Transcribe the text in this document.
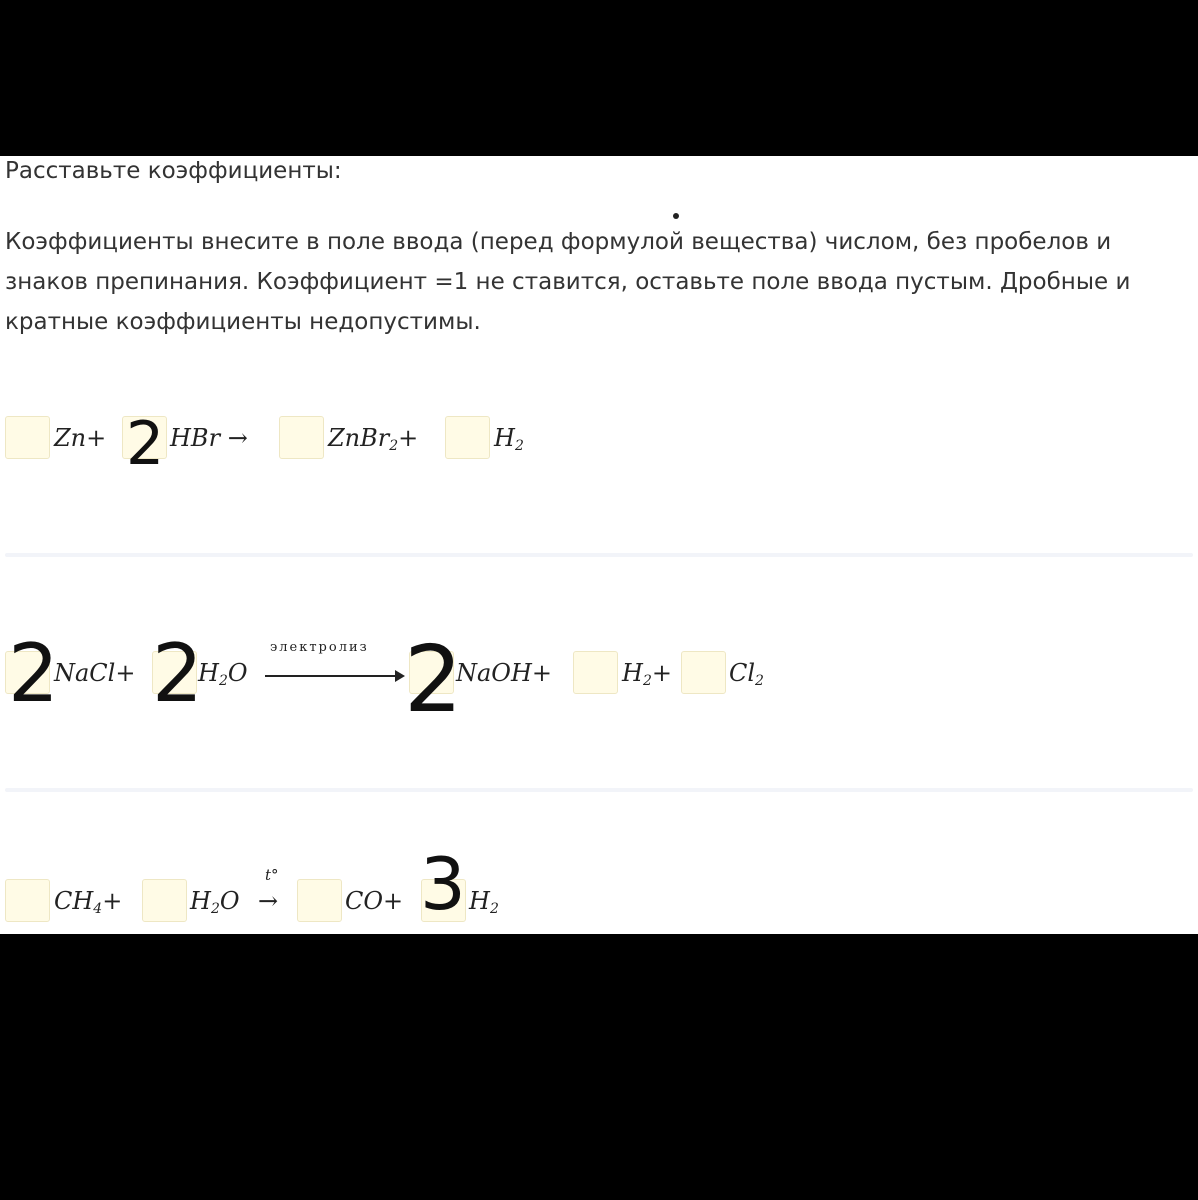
Расставьте коэффициенты:

Коэффициенты внесите в поле ввода (перед формулой вещества) числом, без пробелов и знаков препинания. Коэффициент =1 не ставится, оставьте поле ввода пустым. Дробные и кратные коэффициенты недопустимы.

Zn+ 2 HBr →	ZnBr$_2$+	$H_2$
2
NaCl+ 2
$H_2O$
электролиз 2
NaOH+	$H_2+ Cl_2$
$CH_4+$	$H_2O$
t°
→	CO+ 3 $H_2$
